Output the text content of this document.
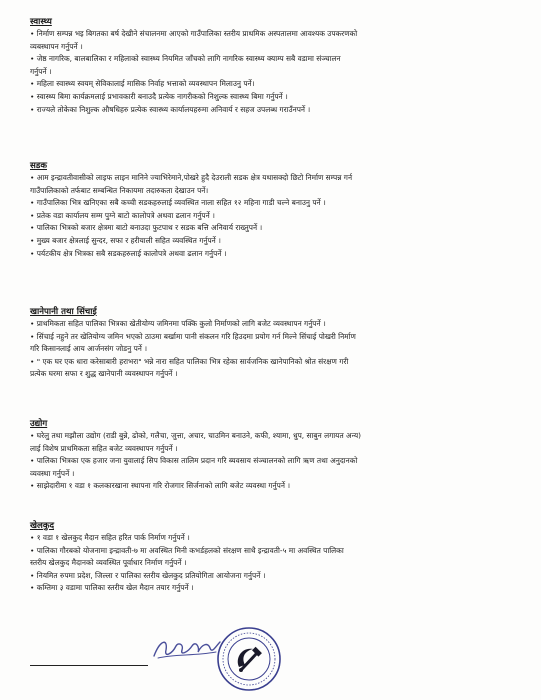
स्वास्थ्य
• निर्माण सम्पन्न भइ बिगतका बर्ष देखीने संचालनमा आएको गाउँपालिका स्तरीय प्राथमिक अस्पतालमा आवश्यक उपकरणको
व्यबस्थापन गर्नुपर्ने ।
• जेष्ठ नागरिक, बालबालिका र महिलाको स्वास्थ्य नियमित जाँचको लागि नागरिक स्वास्थ्य क्याम्प सबै वडामा संञ्चालन
गर्नुपर्ने ।
• महिला स्वास्थ्य स्वयम् सेविकालाई मासिक निर्वाह भत्ताको व्यवस्थापन मिलाउनु पर्ने।
• स्वास्थ्य बिमा कार्यक्रमलाई प्रभावकारी बनाउदै प्रत्येक नागरीकको निशुल्क स्वास्थ्य बिमा गर्नुपर्ने ।
• राज्यले तोकेका निशुल्क औषधिहरु प्रत्येक स्वास्थ्य कार्यालयहरुमा अनिवार्य र सहज उपलब्ध गराउँनपर्ने ।
सडक
• आम इन्द्रावतीवासीको लाइफ लाइन मानिने ज्याभिरेमाने,पोखरे हुदै देउराली सडक क्षेत्र यथासक्दो छिटो निर्माण सम्पन्न गर्न
गाउँपालिकाको तर्फबाट सम्बन्धित निकायमा तदारुकता देखाउन पर्ने।
• गाउँपालिका भित्र खनिएका सबै कच्ची सडकहरुलाई व्यवस्थित नाला सहित १२ महिना गाडी चल्ने बनाउनु पर्ने ।
• प्रतेक वडा कार्यालय सम्म पुग्ने बाटो कालोपत्रे अथवा ढलान गर्नुपर्ने ।
• पालिका भित्रको बजार क्षेत्रमा बाटो बनाउदा फुटपाथ र सडक बत्ति अनिवार्य राख्नुपर्ने ।
• मुख्य बजार क्षेत्रलाई सुन्दर, सफा र हरीयाली सहित व्यवस्थित गर्नुपर्ने ।
• पर्यटकीय क्षेत्र भित्रका सबै सडकहरुलाई कालोपत्रे अथवा ढलान गर्नुपर्ने ।
खानेपानी तथा सिंचाई
• प्राथमिकता सहित पालिका भित्रका खेतीयोग्य जमिनमा पक्कि कुलो निर्माणको लागि बजेट व्यवस्थापन गर्नुपर्ने ।
• सिंचाई नहुने तर खेतियोग्य जमिन भएको ठाउमा बर्खामा पानी संकलन गरि हिउदमा प्रयोग गर्न मिल्ने सिंचाई पोखरी निर्माण
गरि किसानलाई आय आर्जनसंग जोडनु पर्ने ।
• " एक घर एक धारा करेसाबारी हराभरा" भन्ने नारा सहित पालिका भित्र रहेका सार्वजनिक खानेपानिको श्रोत संरक्षण गरी
प्रत्येक घरमा सफा र शुद्ध खानेपानी व्यवस्थापन गर्नुपर्ने ।
उद्योग
• घरेलु तथा मझौला उद्योग (राडी बुन्ने, ढोको, गलैचा, जुत्ता, अचार, चाउमिन बनाउने, कफी, श्‍यामा, धुप, साबुन लगायत अन्य)
लाई विशेष प्राथमिकता सहित बजेट व्यवस्थापन गर्नुपर्ने ।
• पालिका भित्रका एक हजार जना युवालाई सिप विकास तालिम प्रदान गरि ब्यवसाय संञ्चालनको लागि ऋण तथा अनुदानको
व्यवस्था गर्नुपर्ने ।
• साझेदारीमा १ वडा १ कलकारखाना स्थापना गरि रोजगार सिर्जनाको लागि बजेट व्यवस्था गर्नुपर्ने ।
खेलकुद
• १ वडा १ खेलकुद मैदान सहित हरित पार्क निर्माण गर्नुपर्ने ।
• पालिका गौरबको योजनामा इन्द्रावती-७ मा अवस्थित मिनी कभर्डहलको संरक्षण साथै इन्द्रावती-५ मा अवस्थित पालिका
स्तरीय खेलकुद मैदानको व्यवस्थित पूर्वाधार निर्माण गर्नुपर्ने ।
• नियमित रुपमा प्रदेश, जिल्ला र पालिका स्तरीय खेलकुद प्रतियोगिता आयोजना गर्नुपर्ने ।
• कम्तिमा ३ वडामा पालिका स्तरीय खेल मैदान तयार गर्नुपर्ने ।
